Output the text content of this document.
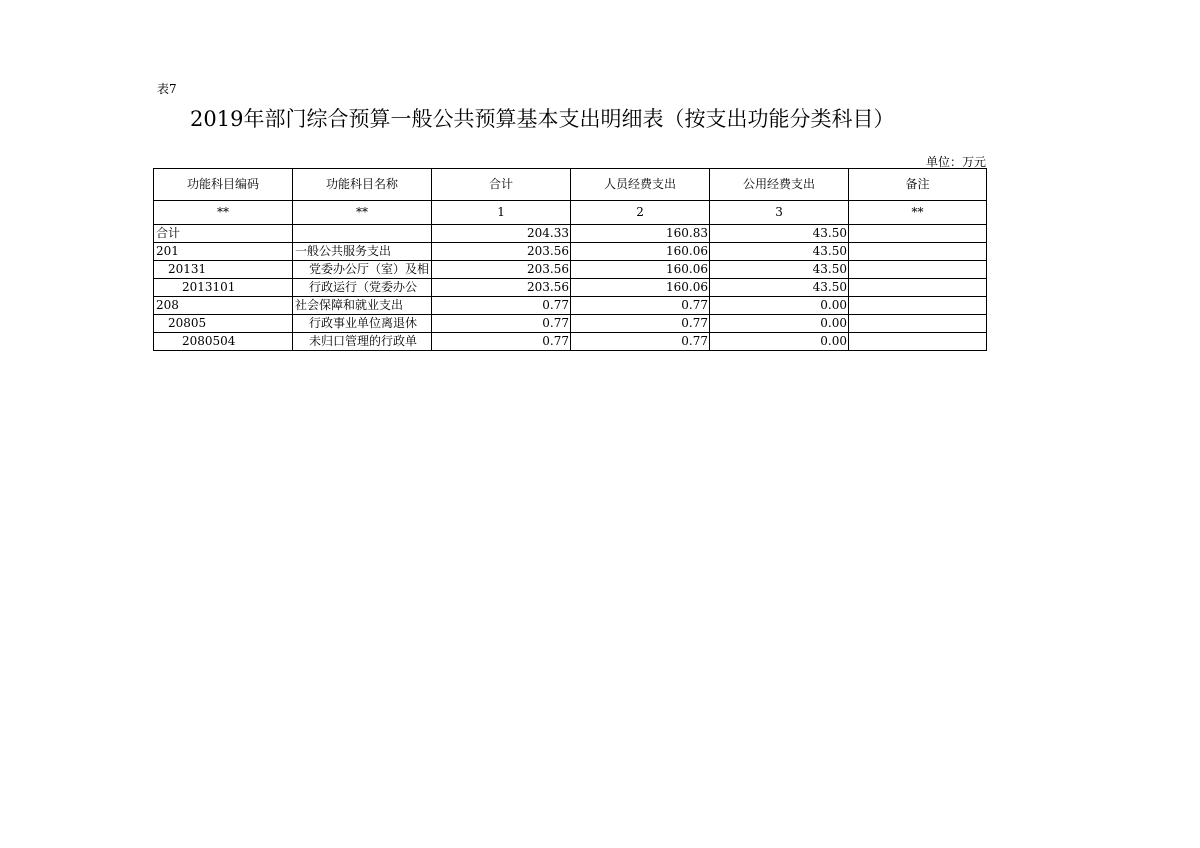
表7
2019年部门综合预算一般公共预算基本支出明细表（按支出功能分类科目）
单位：万元
功能科目编码	功能科目名称	合计	人员经费支出	公用经费支出	备注
**	**	1	2	3	**
合计		204.33	160.83	43.50	
201	一般公共服务支出	203.56	160.06	43.50	
20131	党委办公厅（室）及相	203.56	160.06	43.50	
2013101	行政运行（党委办公	203.56	160.06	43.50	
208	社会保障和就业支出	0.77	0.77	0.00	
20805	行政事业单位离退休	0.77	0.77	0.00	
2080504	未归口管理的行政单	0.77	0.77	0.00	
